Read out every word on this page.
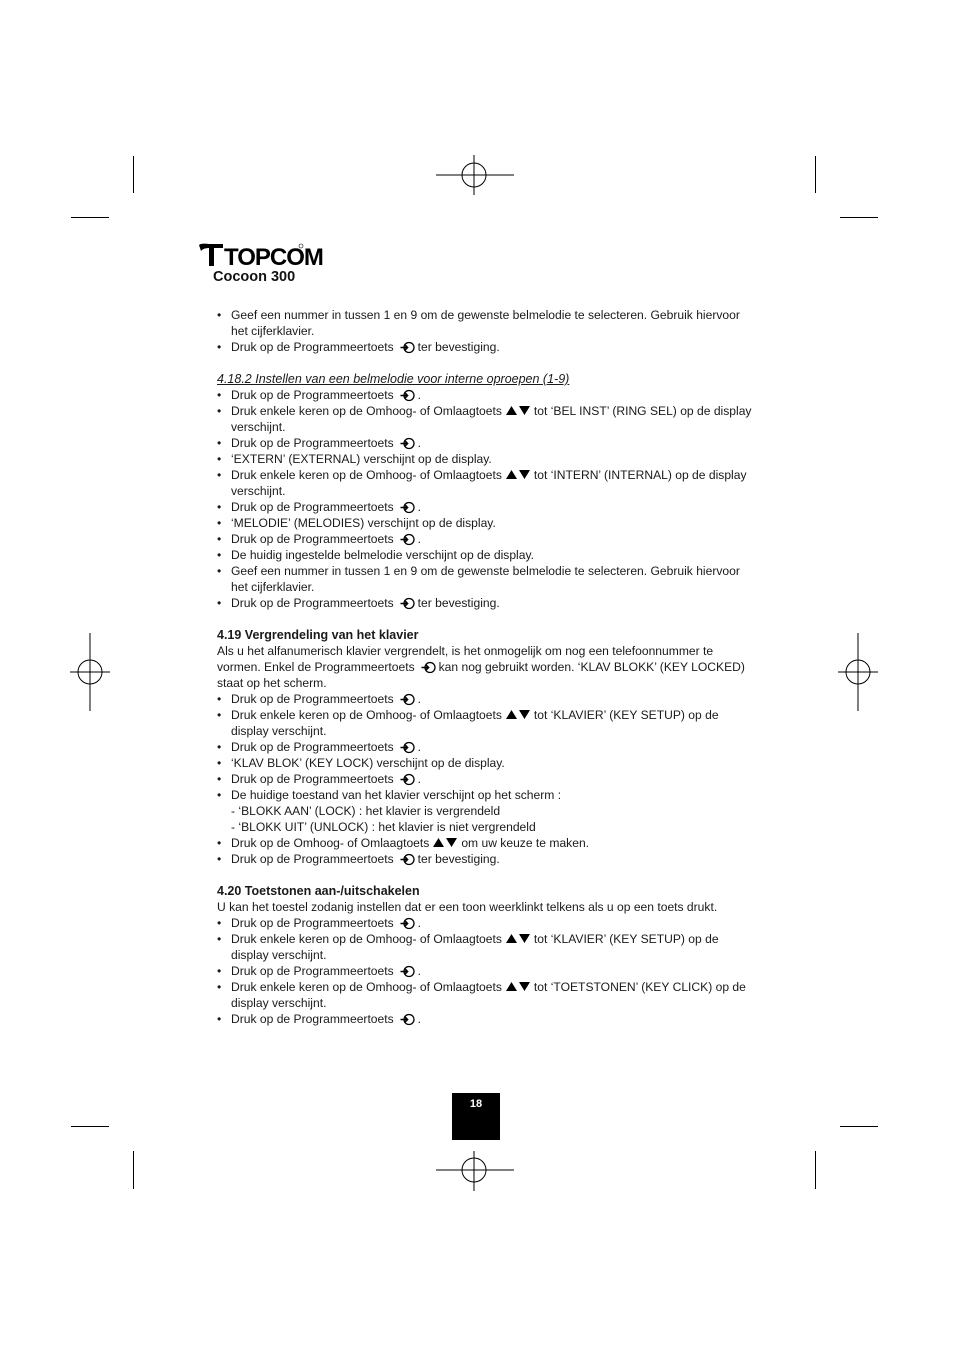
TOPCOM
Cocoon 300
• Geef een nummer in tussen 1 en 9 om de gewenste belmelodie te selecteren. Gebruik hiervoor het cijferklavier.
• Druk op de Programmeertoets ter bevestiging.
4.18.2 Instellen van een belmelodie voor interne oproepen (1-9)
• Druk op de Programmeertoets .
• Druk enkele keren op de Omhoog- of Omlaagtoets	tot ‘BEL INST’ (RING SEL) op de display verschijnt.
• Druk op de Programmeertoets .
• ‘EXTERN’ (EXTERNAL) verschijnt op de display.
• Druk enkele keren op de Omhoog- of Omlaagtoets	tot ‘INTERN’ (INTERNAL) op de display verschijnt.
• Druk op de Programmeertoets .
• ‘MELODIE’ (MELODIES) verschijnt op de display.
• Druk op de Programmeertoets .
• De huidig ingestelde belmelodie verschijnt op de display.
• Geef een nummer in tussen 1 en 9 om de gewenste belmelodie te selecteren. Gebruik hiervoor het cijferklavier.
• Druk op de Programmeertoets ter bevestiging.
4.19 Vergrendeling van het klavier

Als u het alfanumerisch klavier vergrendelt, is het onmogelijk om nog een telefoonnummer te vormen. Enkel de Programmeertoets kan nog gebruikt worden. ‘KLAV BLOKK’ (KEY LOCKED) staat op het scherm.

• Druk op de Programmeertoets .
• Druk enkele keren op de Omhoog- of Omlaagtoets	tot ‘KLAVIER’ (KEY SETUP) op de display verschijnt.
• Druk op de Programmeertoets .
• ‘KLAV BLOK’ (KEY LOCK) verschijnt op de display.
• Druk op de Programmeertoets .
• De huidige toestand van het klavier verschijnt op het scherm :
- ‘BLOKK AAN’ (LOCK) : het klavier is vergrendeld
- ‘BLOKK UIT’ (UNLOCK) : het klavier is niet vergrendeld
• Druk op de Omhoog- of Omlaagtoets	om uw keuze te maken.
• Druk op de Programmeertoets ter bevestiging.
4.20 Toetstonen aan-/uitschakelen

U kan het toestel zodanig instellen dat er een toon weerklinkt telkens als u op een toets drukt.

• Druk op de Programmeertoets .
• Druk enkele keren op de Omhoog- of Omlaagtoets	tot ‘KLAVIER’ (KEY SETUP) op de display verschijnt.
• Druk op de Programmeertoets .
• Druk enkele keren op de Omhoog- of Omlaagtoets	tot ‘TOETSTONEN’ (KEY CLICK) op de display verschijnt.
• Druk op de Programmeertoets .
18
